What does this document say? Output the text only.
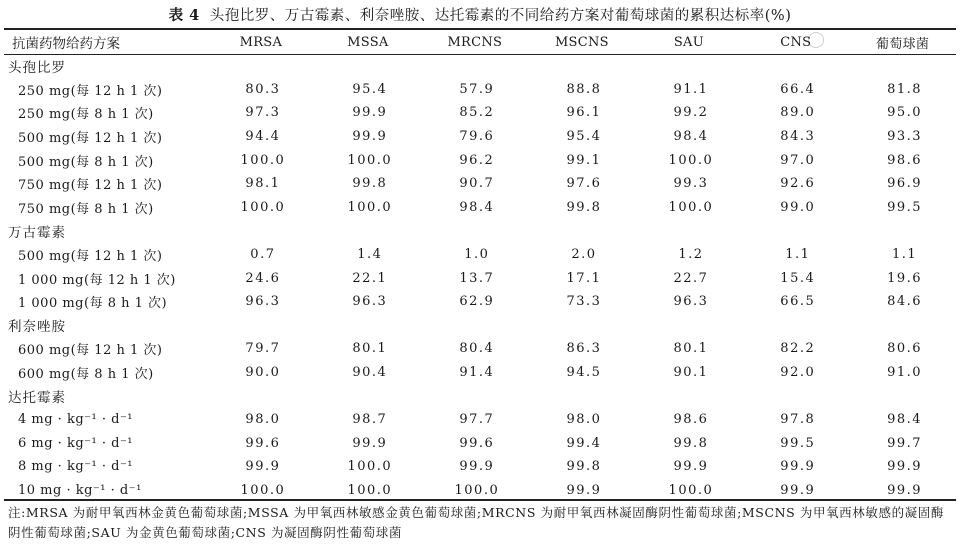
表 4 头孢比罗、万古霉素、利奈唑胺、达托霉素的不同给药方案对葡萄球菌的累积达标率(%)
抗菌药物给药方案	MRSA	MSSA	MRCNS	MSCNS	SAU	CNS	葡萄球菌
头孢比罗							
250 mg(每 12 h 1 次)	80.3	95.4	57.9	88.8	91.1	66.4	81.8
250 mg(每 8 h 1 次)	97.3	99.9	85.2	96.1	99.2	89.0	95.0
500 mg(每 12 h 1 次)	94.4	99.9	79.6	95.4	98.4	84.3	93.3
500 mg(每 8 h 1 次)	100.0	100.0	96.2	99.1	100.0	97.0	98.6
750 mg(每 12 h 1 次)	98.1	99.8	90.7	97.6	99.3	92.6	96.9
750 mg(每 8 h 1 次)	100.0	100.0	98.4	99.8	100.0	99.0	99.5
万古霉素							
500 mg(每 12 h 1 次)	0.7	1.4	1.0	2.0	1.2	1.1	1.1
1 000 mg(每 12 h 1 次)	24.6	22.1	13.7	17.1	22.7	15.4	19.6
1 000 mg(每 8 h 1 次)	96.3	96.3	62.9	73.3	96.3	66.5	84.6
利奈唑胺							
600 mg(每 12 h 1 次)	79.7	80.1	80.4	86.3	80.1	82.2	80.6
600 mg(每 8 h 1 次)	90.0	90.4	91.4	94.5	90.1	92.0	91.0
达托霉素							
4 mg · kg⁻¹ · d⁻¹	98.0	98.7	97.7	98.0	98.6	97.8	98.4
6 mg · kg⁻¹ · d⁻¹	99.6	99.9	99.6	99.4	99.8	99.5	99.7
8 mg · kg⁻¹ · d⁻¹	99.9	100.0	99.9	99.8	99.9	99.9	99.9
10 mg · kg⁻¹ · d⁻¹	100.0	100.0	100.0	99.9	100.0	99.9	99.9
注:MRSA 为耐甲氧西林金黄色葡萄球菌;MSSA 为甲氧西林敏感金黄色葡萄球菌;MRCNS 为耐甲氧西林凝固酶阴性葡萄球菌;MSCNS 为甲氧西林敏感的凝固酶阴性葡萄球菌;SAU 为金黄色葡萄球菌;CNS 为凝固酶阴性葡萄球菌
